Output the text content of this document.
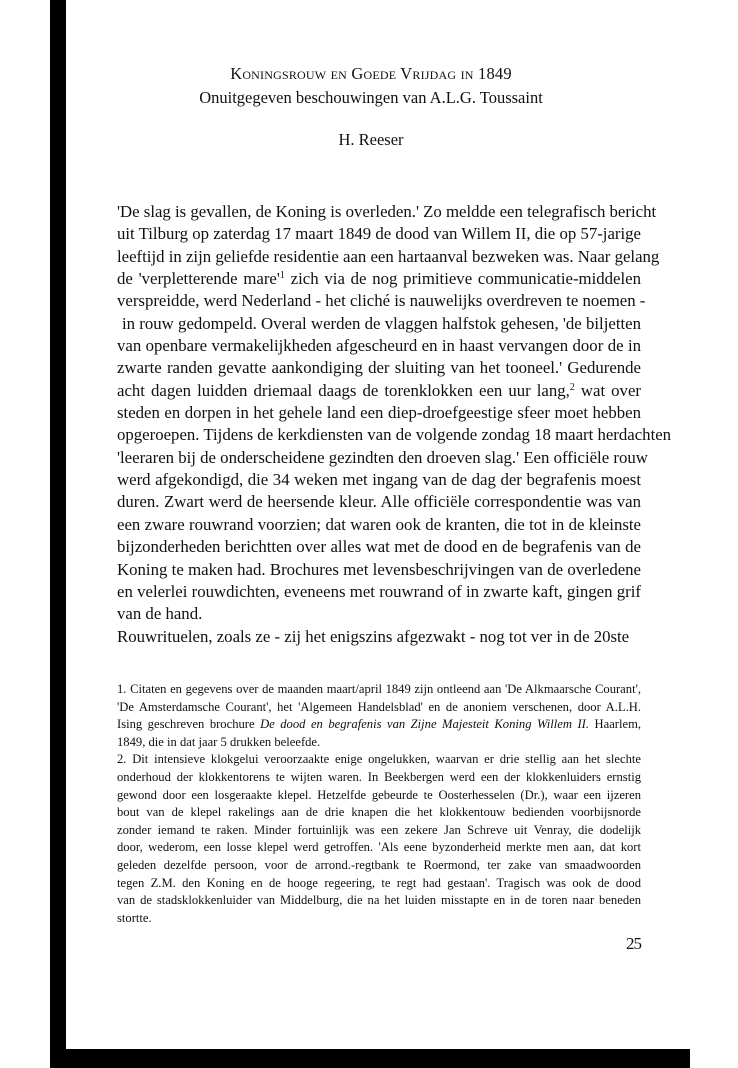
Koningsrouw en Goede Vrijdag in 1849
Onuitgegeven beschouwingen van A.L.G. Toussaint
H. Reeser
'De slag is gevallen, de Koning is overleden.' Zo meldde een telegrafisch bericht
uit Tilburg op zaterdag 17 maart 1849 de dood van Willem II, die op 57-jarige
leeftijd in zijn geliefde residentie aan een hartaanval bezweken was. Naar gelang
de 'verpletterende $mare'^1$ zich via de nog primitieve communicatie-middelen
verspreidde, werd Nederland - het cliché is nauwelijks overdreven te noemen -
in rouw gedompeld. Overal werden de vlaggen halfstok gehesen, 'de biljetten
van openbare vermakelijkheden afgescheurd en in haast vervangen door de in
zwarte randen gevatte aankondiging der sluiting van het tooneel.' Gedurende
acht dagen luidden driemaal daags de torenklokken een uur lang,$^2$ wat over
steden en dorpen in het gehele land een diep-droefgeestige sfeer moet hebben
opgeroepen. Tijdens de kerkdiensten van de volgende zondag 18 maart herdachten
'leeraren bij de onderscheidene gezindten den droeven slag.' Een officiële rouw
werd afgekondigd, die 34 weken met ingang van de dag der begrafenis moest
duren. Zwart werd de heersende kleur. Alle officiële correspondentie was van
een zware rouwrand voorzien; dat waren ook de kranten, die tot in de kleinste
bijzonderheden berichtten over alles wat met de dood en de begrafenis van de
Koning te maken had. Brochures met levensbeschrijvingen van de overledene
en velerlei rouwdichten, eveneens met rouwrand of in zwarte kaft, gingen grif
van de hand.
Rouwrituelen, zoals ze - zij het enigszins afgezwakt - nog tot ver in de 20ste
1. Citaten en gegevens over de maanden maart/april 1849 zijn ontleend aan 'De Alkmaarsche Courant',
'De Amsterdamsche Courant', het 'Algemeen Handelsblad' en de anoniem verschenen, door A.L.H.
Ising geschreven brochure De dood en begrafenis van Zijne Majesteit Koning Willem II. Haarlem,
1849, die in dat jaar 5 drukken beleefde.
2. Dit intensieve klokgelui veroorzaakte enige ongelukken, waarvan er drie stellig aan het slechte
onderhoud der klokkentorens te wijten waren. In Beekbergen werd een der klokkenluiders ernstig
gewond door een losgeraakte klepel. Hetzelfde gebeurde te Oosterhesselen (Dr.), waar een ijzeren
bout van de klepel rakelings aan de drie knapen die het klokkentouw bedienden voorbijsnorde
zonder iemand te raken. Minder fortuinlijk was een zekere Jan Schreve uit Venray, die dodelijk
door, wederom, een losse klepel werd getroffen. 'Als eene byzonderheid merkte men aan, dat kort
geleden dezelfde persoon, voor de arrond.-regtbank te Roermond, ter zake van smaadwoorden
tegen Z.M. den Koning en de hooge regeering, te regt had gestaan'. Tragisch was ook de dood
van de stadsklokkenluider van Middelburg, die na het luiden misstapte en in de toren naar beneden
stortte.
25
